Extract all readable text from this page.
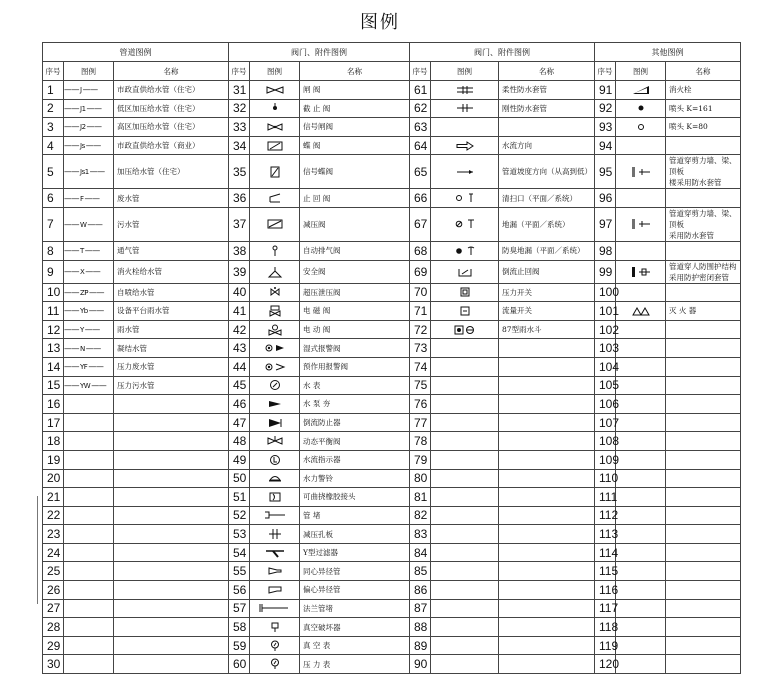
图例
管道图例			阀门、附件图例			阀门、附件图例			其他图例		
序号	图例	名称	序号	图例	名称	序号	图例	名称	序号	图例	名称
1	——J——	市政直供给水管（住宅）	31		闸 阀	61		柔性防水套管	91		消火栓
2	——J1——	低区加压给水管（住宅）	32		截 止 阀	62		刚性防水套管	92		喷头 K=161
3	——J2——	高区加压给水管（住宅）	33		信号闸阀	63			93		喷头 K=80
4	——Js——	市政直供给水管（商业）	34		蝶 阀	64		水流方向	94		
5	——Js1——	加压给水管（住宅）	35		信号蝶阀	65		管道坡度方向（从高到低）	95		管道穿剪力墙、梁、顶板
楼采用防水套管

6	——F——	废水管	36		止 回 阀	66		清扫口（平面／系统）	96		
7	——W——	污水管	37		减压阀	67		地漏（平面／系统）	97		管道穿剪力墙、梁、顶板
采用防水套管

8	——T——	通气管	38		自动排气阀	68		防臭地漏（平面／系统）	98		
9	——X——	消火栓给水管	39		安全阀	69		倒流止回阀	99		管道穿人防围护结构
采用防护密闭套管

10	——ZP——	自喷给水管	40		超压泄压阀	70		压力开关	100		
11	——Yb——	设备平台雨水管	41		电 磁 阀	71		流量开关	101		灭 火 器
12	——Y——	雨水管	42		电 动 阀	72		87型雨水斗	102		
13	——N——	凝结水管	43		湿式报警阀	73			103		
14	——YF——	压力废水管	44		预作用报警阀	74			104		
15	——YW——	压力污水管	45		水 表	75			105		
16			46		水 泵 夯	76			106		
17			47		倒流防止器	77			107		
18			48		动态平衡阀	78			108		
19			49		水流指示器	79			109		
20			50		水力警铃	80			110		
21			51		可曲挠橡胶接头	81			111		
22			52		管 堵	82			112		
23			53		减压孔板	83			113		
24			54		Y型过滤器	84			114		
25			55		同心异径管	85			115		
26			56		偏心异径管	86			116		
27			57		法兰管堵	87			117		
28			58		真空破坏器	88			118		
29			59		真 空 表	89			119		
30			60		压 力 表	90			120		
